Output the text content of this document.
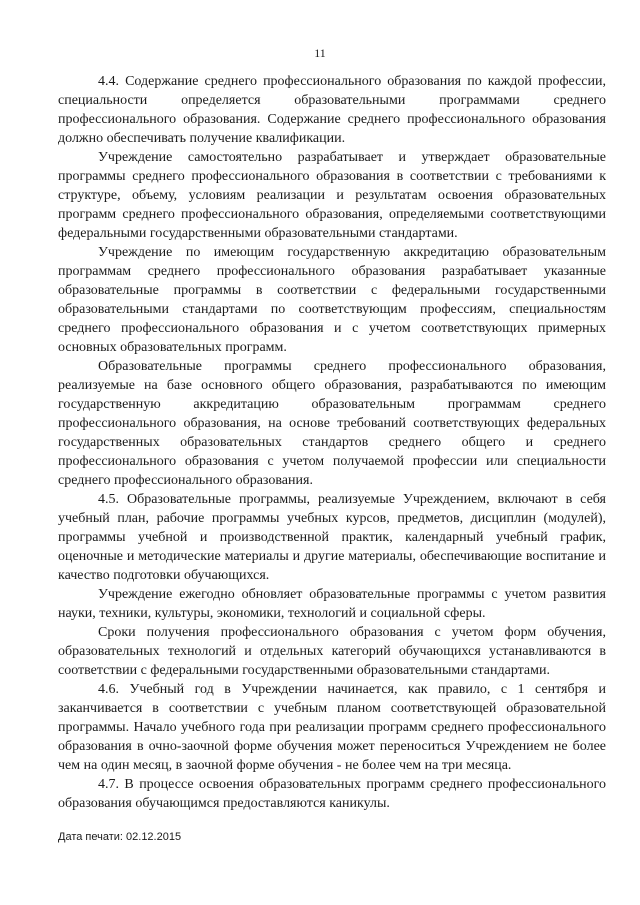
11

4.4. Содержание среднего профессионального образования по каждой профессии, специальности определяется образовательными программами среднего профессионального образования. Содержание среднего профессионального образования должно обеспечивать получение квалификации.

Учреждение самостоятельно разрабатывает и утверждает образовательные программы среднего профессионального образования в соответствии с требованиями к структуре, объему, условиям реализации и результатам освоения образовательных программ среднего профессионального образования, определяемыми соответствующими федеральными государственными образовательными стандартами.

Учреждение по имеющим государственную аккредитацию образовательным программам среднего профессионального образования разрабатывает указанные образовательные программы в соответствии с федеральными государственными образовательными стандартами по соответствующим профессиям, специальностям среднего профессионального образования и с учетом соответствующих примерных основных образовательных программ.

Образовательные программы среднего профессионального образования, реализуемые на базе основного общего образования, разрабатываются по имеющим государственную аккредитацию образовательным программам среднего профессионального образования, на основе требований соответствующих федеральных государственных образовательных стандартов среднего общего и среднего профессионального образования с учетом получаемой профессии или специальности среднего профессионального образования.

4.5. Образовательные программы, реализуемые Учреждением, включают в себя учебный план, рабочие программы учебных курсов, предметов, дисциплин (модулей), программы учебной и производственной практик, календарный учебный график, оценочные и методические материалы и другие материалы, обеспечивающие воспитание и качество подготовки обучающихся.

Учреждение ежегодно обновляет образовательные программы с учетом развития науки, техники, культуры, экономики, технологий и социальной сферы.

Сроки получения профессионального образования с учетом форм обучения, образовательных технологий и отдельных категорий обучающихся устанавливаются в соответствии с федеральными государственными образовательными стандартами.

4.6. Учебный год в Учреждении начинается, как правило, с 1 сентября и заканчивается в соответствии с учебным планом соответствующей образовательной программы. Начало учебного года при реализации программ среднего профессионального образования в очно-заочной форме обучения может переноситься Учреждением не более чем на один месяц, в заочной форме обучения - не более чем на три месяца.

4.7. В процессе освоения образовательных программ среднего профессионального образования обучающимся предоставляются каникулы.

Дата печати: 02.12.2015
